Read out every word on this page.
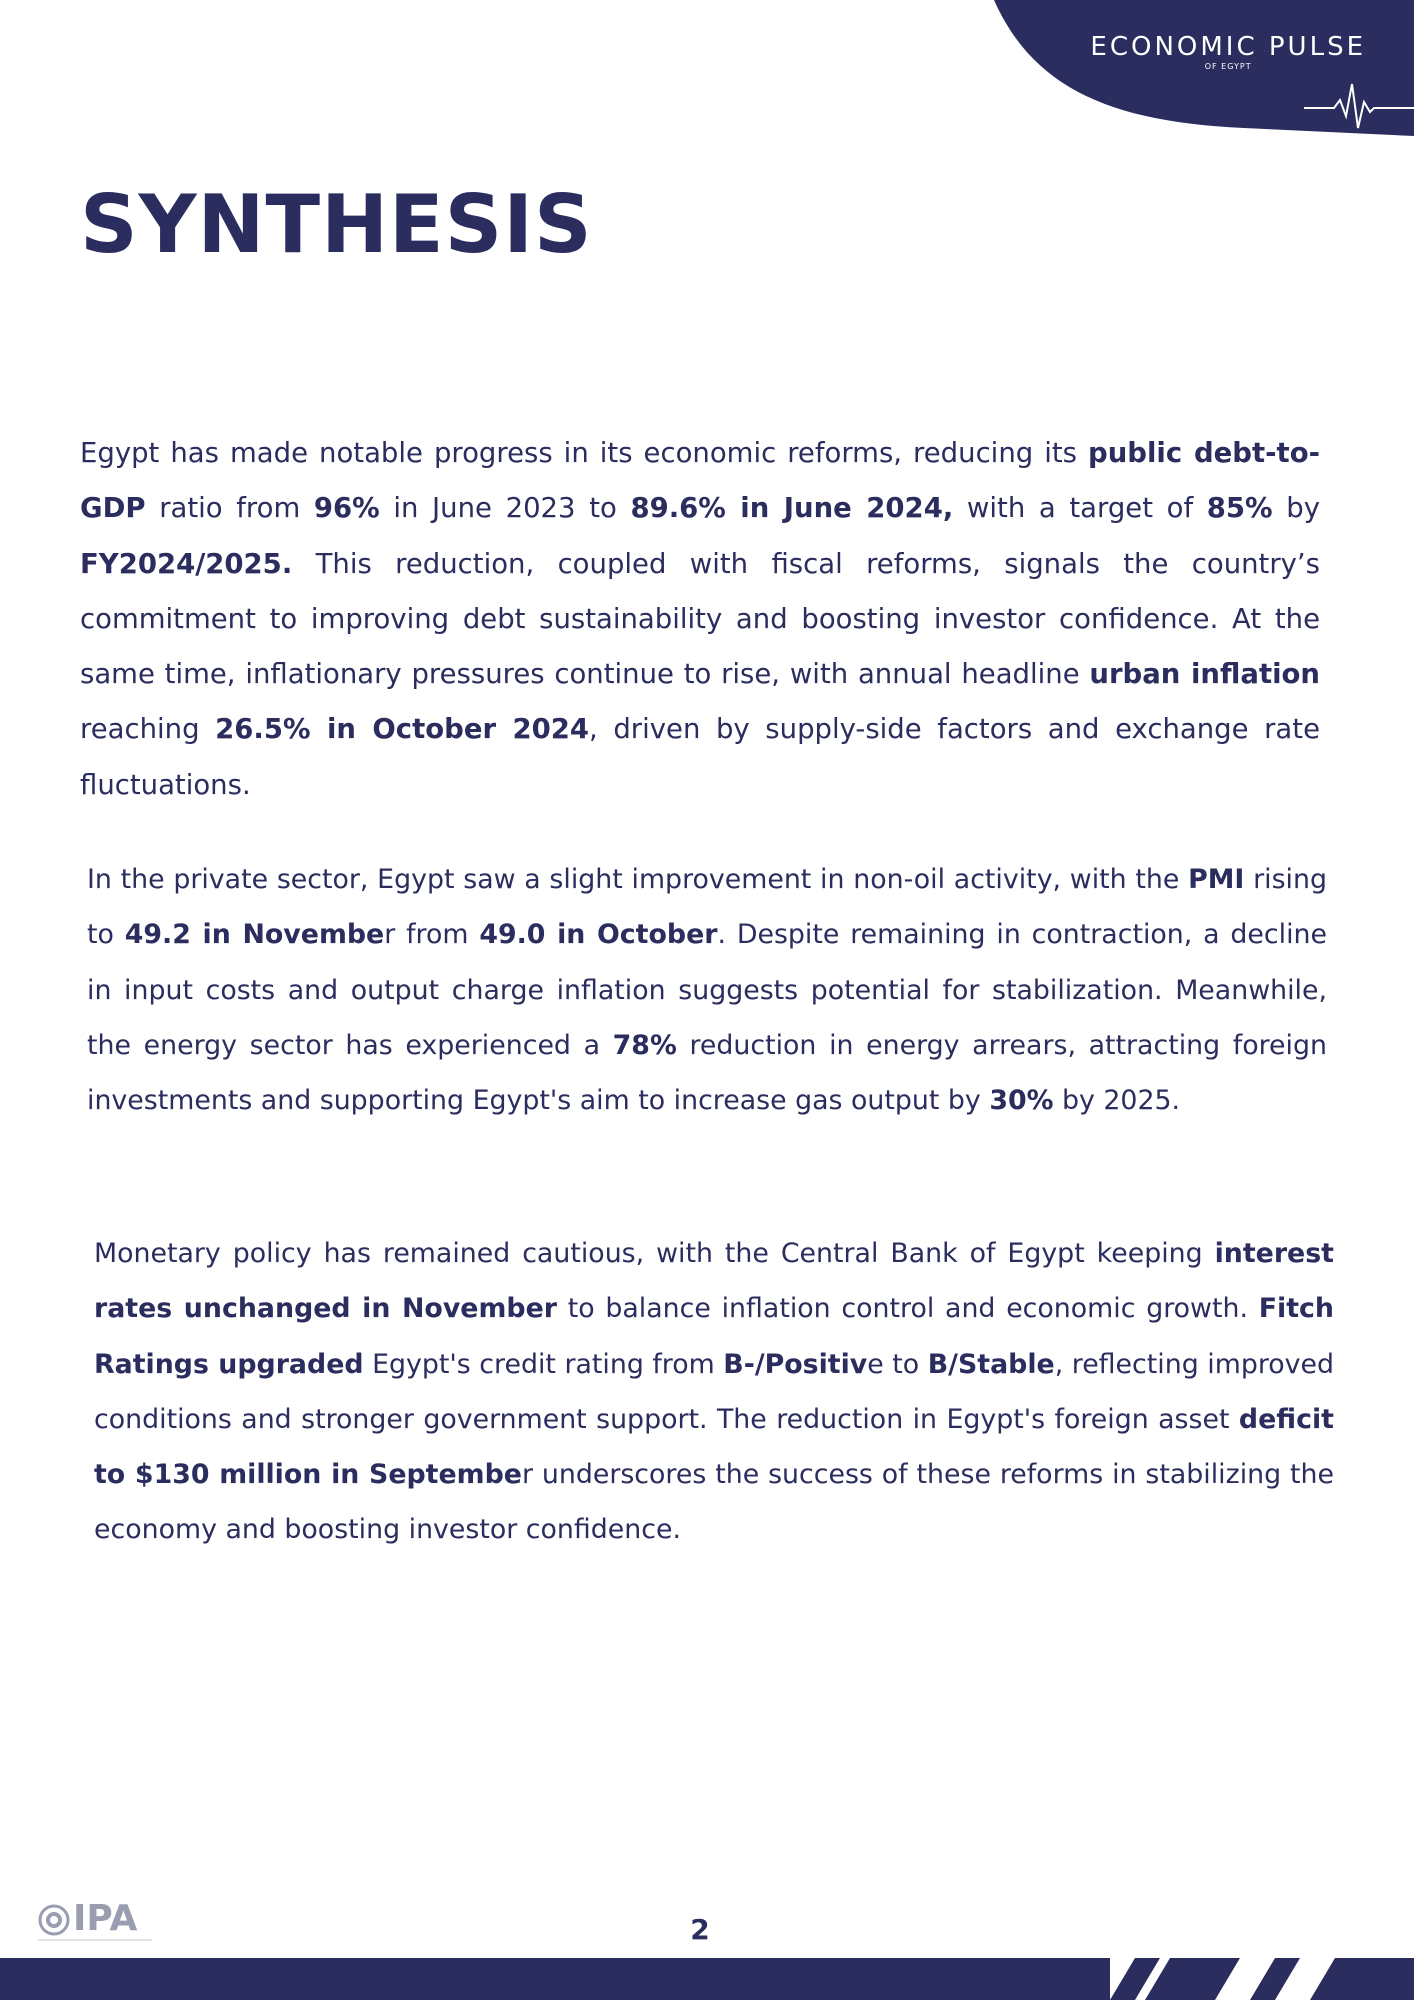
ECONOMIC PULSE
OF EGYPT
SYNTHESIS

Egypt has made notable progress in its economic reforms, reducing its public debt-to-GDP ratio from 96% in June 2023 to 89.6% in June 2024, with a target of 85% by FY2024/2025. This reduction, coupled with fiscal reforms, signals the country’s commitment to improving debt sustainability and boosting investor confidence. At the same time, inflationary pressures continue to rise, with annual headline urban inflation reaching 26.5% in October 2024, driven by supply-side factors and exchange rate fluctuations.

In the private sector, Egypt saw a slight improvement in non-oil activity, with the PMI rising to 49.2 in November from 49.0 in October. Despite remaining in contraction, a decline in input costs and output charge inflation suggests potential for stabilization. Meanwhile, the energy sector has experienced a 78% reduction in energy arrears, attracting foreign investments and supporting Egypt's aim to increase gas output by 30% by 2025.

Monetary policy has remained cautious, with the Central Bank of Egypt keeping interest rates unchanged in November to balance inflation control and economic growth. Fitch Ratings upgraded Egypt's credit rating from B-/Positive to B/Stable, reflecting improved conditions and stronger government support. The reduction in Egypt's foreign asset deficit to $130 million in September underscores the success of these reforms in stabilizing the economy and boosting investor confidence.

IPA	2
